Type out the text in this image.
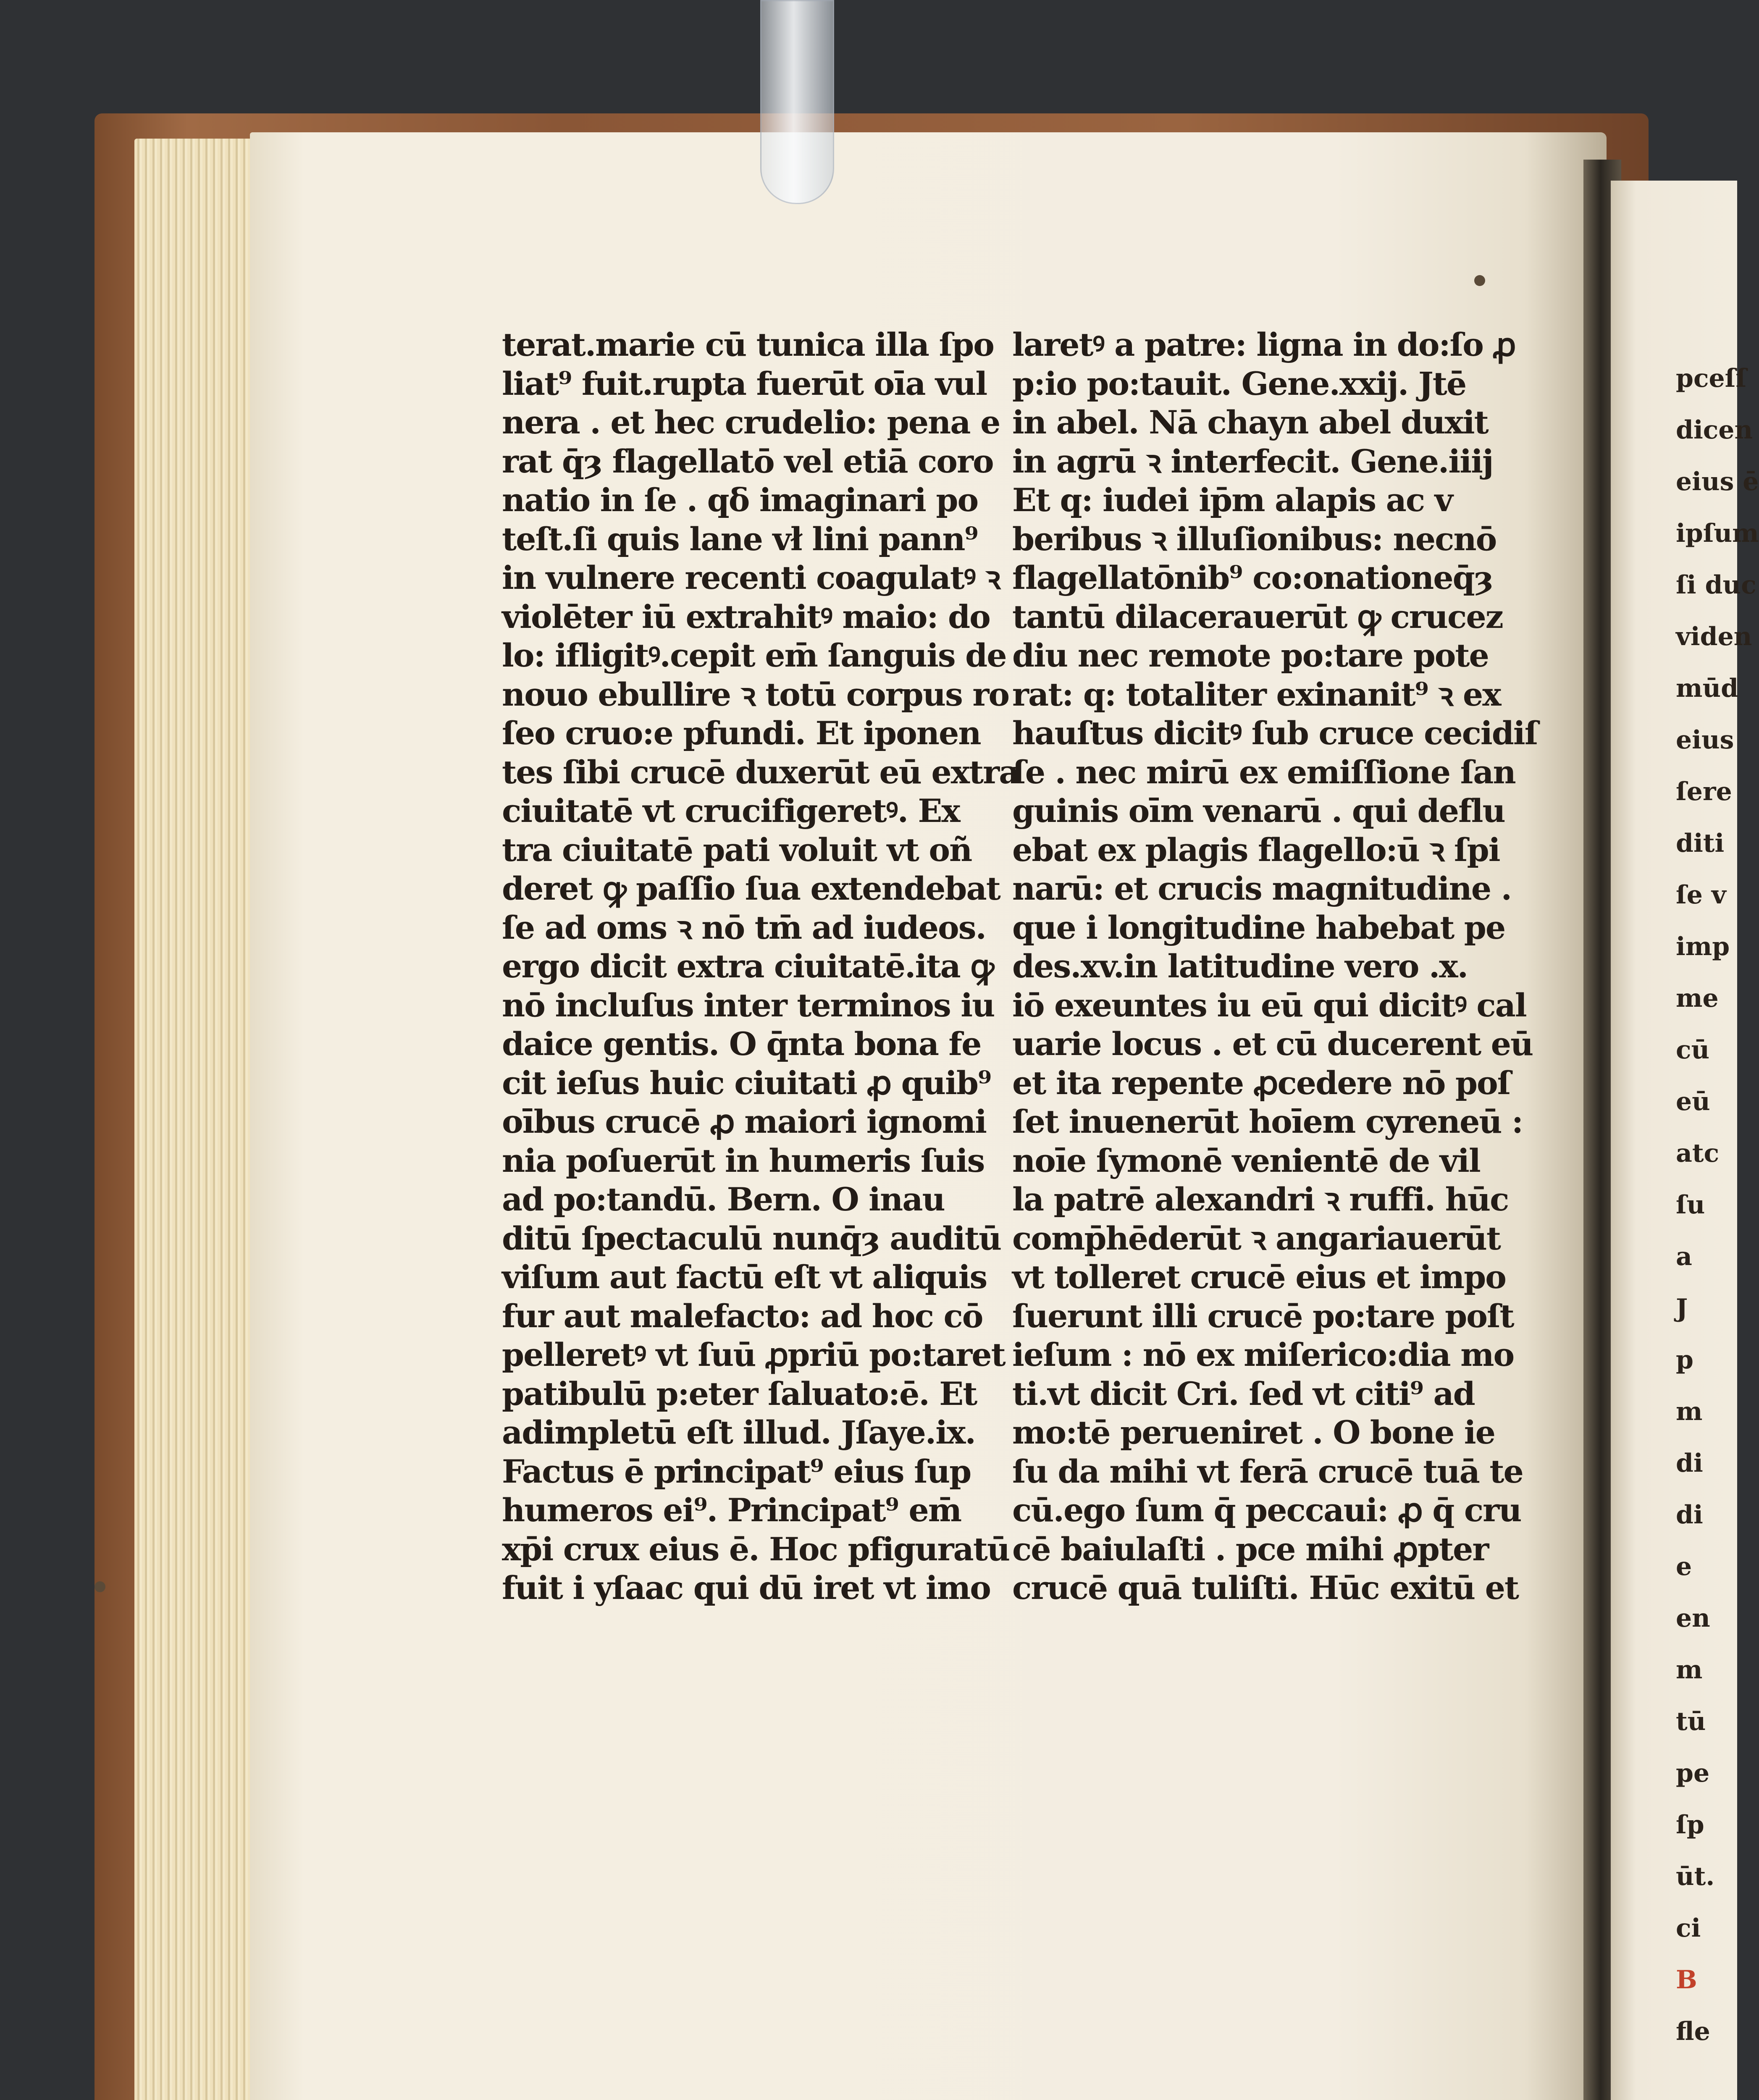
terat.marie cū tunica illa ſpo
liat⁹ fuit.rupta fuerūt oīa vul
nera . et hec crudelio: pena e
rat q̄ȝ flagellatō vel etiā coro
natio in ſe . qδ imaginari po
teſt.ſi quis lane vł lini pann⁹
in vulnere recenti coagulatꝰ ꝛ
violēter iū extrahitꝰ maio: do
lo: ifligitꝰ.cepit em̄ ſanguis de
nouo ebullire ꝛ totū corpus ro
ſeo cruo:e pfundi. Et iponen
tes ſibi crucē duxerūt eū extra
ciuitatē vt crucifigeretꝰ. Ex
tra ciuitatē pati voluit vt oñ
deret ꝙ paſſio ſua extendebat
ſe ad oms ꝛ nō tm̄ ad iudeos.
ergo dicit extra ciuitatē.ita ꝙ
nō incluſus inter terminos iu
daice gentis. O q̄nta bona fe
cit ieſus huic ciuitati ꝓ quib⁹
oībus crucē ꝓ maiori ignomi
nia poſuerūt in humeris ſuis
ad po:tandū. Bern. O inau
ditū ſpectaculū nunq̄ȝ auditū
viſum aut factū eſt vt aliquis
fur aut malefacto: ad hoc cō
pelleretꝰ vt ſuū ꝓpriū po:taret
patibulū p:eter ſaluato:ē. Et
adimpletū eſt illud. Jſaye.ix.
Factus ē principat⁹ eius ſup
humeros ei⁹. Principat⁹ em̄
xp̄i crux eius ē. Hoc pfiguratū
fuit i yſaac qui dū iret vt imo
laretꝰ a patre: ligna in do:ſo ꝓ
p:io po:tauit. Gene.xxij. Jtē
in abel. Nā chayn abel duxit
in agrū ꝛ interfecit. Gene.iiij
Et q: iudei ip̄m alapis ac v
beribus ꝛ illuſionibus: necnō
flagellatōnib⁹ co:onationeq̄ȝ
tantū dilacerauerūt ꝙ crucez
diu nec remote po:tare pote
rat: q: totaliter exinanit⁹ ꝛ ex
hauſtus dicitꝰ ſub cruce cecidiſ
ſe . nec mirū ex emiſſione ſan
guinis oīm venarū . qui deflu
ebat ex plagis flagello:ū ꝛ ſpi
narū: et crucis magnitudine .
que i longitudine habebat pe
des.xv.in latitudine vero .x.
iō exeuntes iu eū qui dicitꝰ cal
uarie locus . et cū ducerent eū
et ita repente ꝓcedere nō poſ
ſet inuenerūt hoīem cyreneū :
noīe ſymonē venientē de vil
la patrē alexandri ꝛ ruffi. hūc
comp̄hēderūt ꝛ angariauerūt
vt tolleret crucē eius et impo
ſuerunt illi crucē po:tare poſt
ieſum : nō ex miſerico:dia mo
ti.vt dicit Cri. ſed vt citi⁹ ad
mo:tē perueniret . O bone ie
ſu da mihi vt ferā crucē tuā te
cū.ego ſum q̄ peccaui: ꝓ q̄ cru
cē baiulaſti . pce mihi ꝓpter
crucē quā tuliſti. Hūc exitū et
pceſſ
dicen
eius ē
ipſum
ſi duc
viden
mūd
eius
ſere
diti
ſe v
imp
me
cū
eū
atc
ſu
a
J
p
m
di
di
e
en
m
tū
pe
ſp
ūt.
ci
B
fle
